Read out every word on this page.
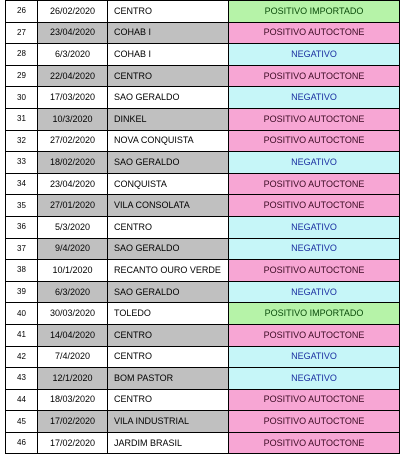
26	26/02/2020	CENTRO	POSITIVO IMPORTADO
27	23/04/2020	COHAB I	POSITIVO AUTOCTONE
28	6/3/2020	COHAB I	NEGATIVO
29	22/04/2020	CENTRO	POSITIVO AUTOCTONE
30	17/03/2020	SAO GERALDO	NEGATIVO
31	10/3/2020	DINKEL	POSITIVO AUTOCTONE
32	27/02/2020	NOVA CONQUISTA	POSITIVO AUTOCTONE
33	18/02/2020	SAO GERALDO	NEGATIVO
34	23/04/2020	CONQUISTA	POSITIVO AUTOCTONE
35	27/01/2020	VILA CONSOLATA	POSITIVO AUTOCTONE
36	5/3/2020	CENTRO	NEGATIVO
37	9/4/2020	SAO GERALDO	NEGATIVO
38	10/1/2020	RECANTO OURO VERDE	POSITIVO AUTOCTONE
39	6/3/2020	SAO GERALDO	NEGATIVO
40	30/03/2020	TOLEDO	POSITIVO IMPORTADO
41	14/04/2020	CENTRO	POSITIVO AUTOCTONE
42	7/4/2020	CENTRO	NEGATIVO
43	12/1/2020	BOM PASTOR	NEGATIVO
44	18/03/2020	CENTRO	POSITIVO AUTOCTONE
45	17/02/2020	VILA INDUSTRIAL	POSITIVO AUTOCTONE
46	17/02/2020	JARDIM BRASIL	POSITIVO AUTOCTONE
